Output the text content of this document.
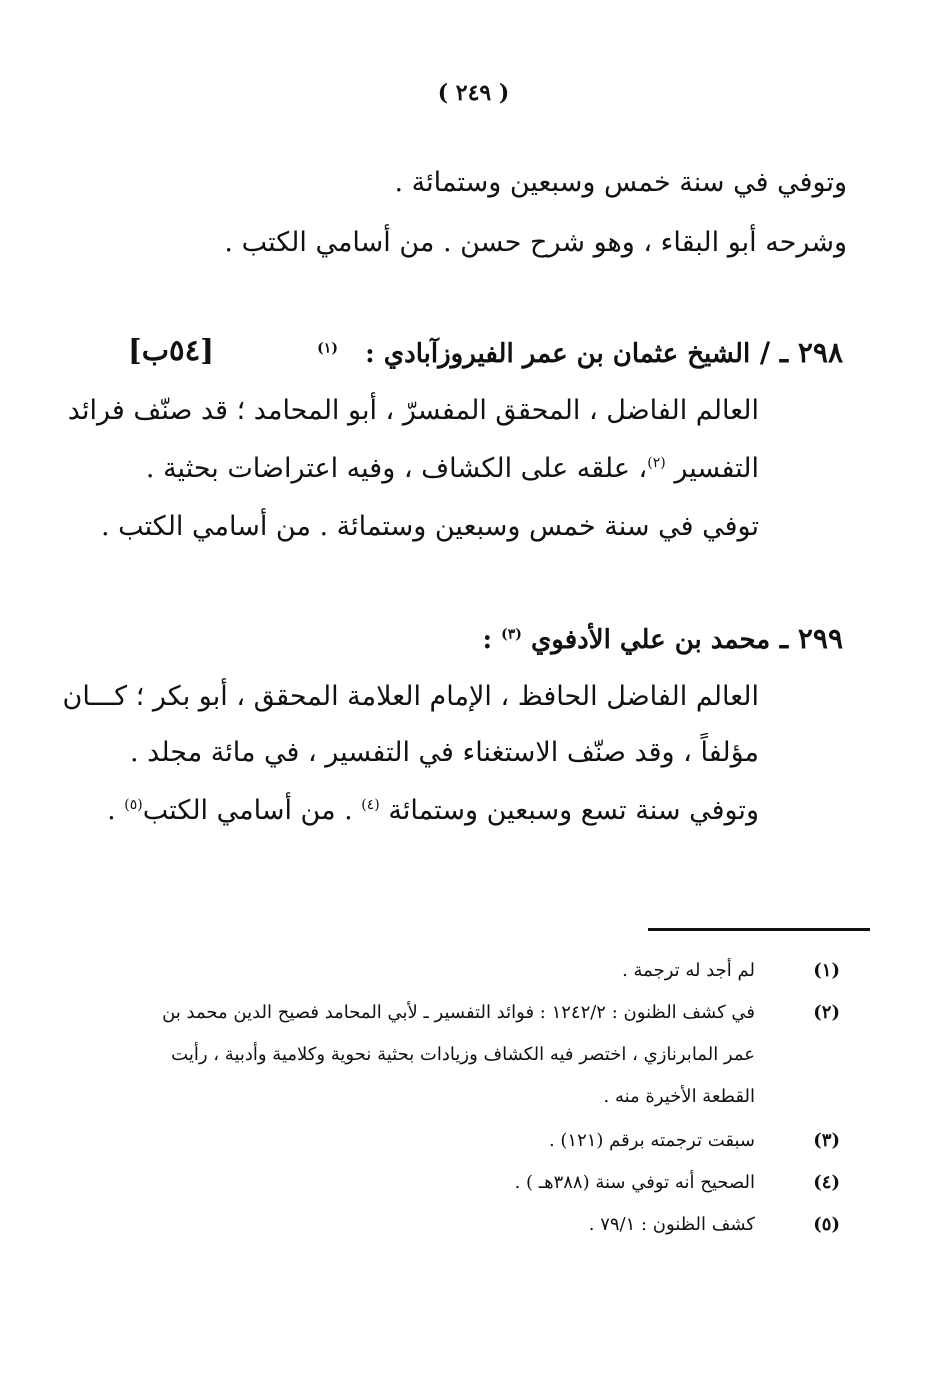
( ٢٤٩ )
وتوفي في سنة خمس وسبعين وستمائة .
وشرحه أبو البقاء ، وهو شرح حسن . من أسامي الكتب .
٢٩٨ ـ / الشيخ عثمان بن عمر الفيروزآبادي :   $^{(١)}$
[٥٤ب]
العالم الفاضل ، المحقق المفسرّ ، أبو المحامد ؛ قد صنّف فرائد
التفسير $^{(٢)}$، علقه على الكشاف ، وفيه اعتراضات بحثية .
توفي في سنة خمس وسبعين وستمائة . من أسامي الكتب .
٢٩٩ ـ محمد بن علي الأدفوي $^{(٣)}$ :
العالم الفاضل الحافظ ، الإمام العلامة المحقق ، أبو بكر ؛ كـــان
مؤلفاً ، وقد صنّف الاستغناء في التفسير ، في مائة مجلد .
وتوفي سنة تسع وسبعين وستمائة $^{(٤)}$ . من أسامي الكتب$^{(٥)}$ .
(١)
لم أجد له ترجمة .
(٢)
في كشف الظنون : ١٢٤٢/٢ : فوائد التفسير ـ لأبي المحامد فصيح الدين محمد بن
عمر المابرنازي ، اختصر فيه الكشاف وزيادات بحثية نحوية وكلامية وأدبية ، رأيت
القطعة الأخيرة منه .
(٣)
سبقت ترجمته برقم (١٢١) .
(٤)
الصحيح أنه توفي سنة (٣٨٨هـ ) .
(٥)
كشف الظنون : ٧٩/١ .
